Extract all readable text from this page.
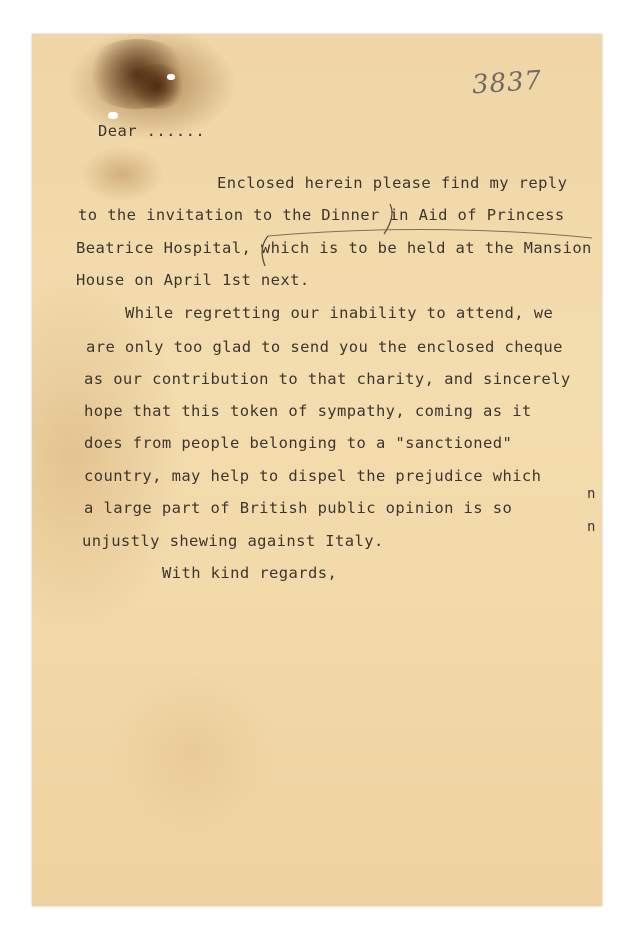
3837
Dear ......
Enclosed herein please find my reply
to the invitation to the Dinner in Aid of Princess
Beatrice Hospital, which is to be held at the Mansion
House on April 1st next.
While regretting our inability to attend, we
are only too glad to send you the enclosed cheque
as our contribution to that charity, and sincerely
hope that this token of sympathy, coming as it
does from people belonging to a "sanctioned"
country, may help to dispel the prejudice which
a large part of British public opinion is so
unjustly shewing against Italy.
With kind regards,
n
n
